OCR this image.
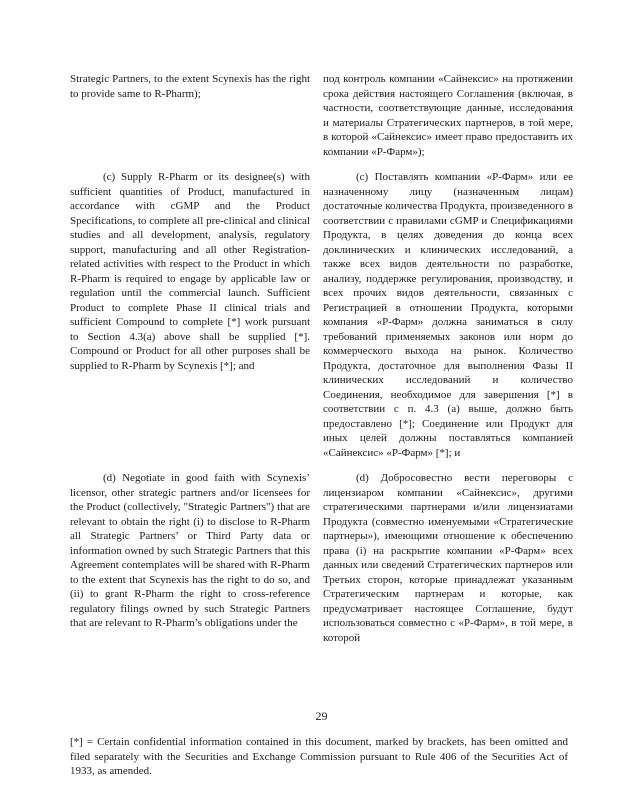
Strategic Partners, to the extent Scynexis has the right to provide same to R-Pharm);
под контроль компании «Сайнексис» на протяжении срока действия настоящего Соглашения (включая, в частности, соответствующие данные, исследования и материалы Стратегических партнеров, в той мере, в которой «Сайнексис» имеет право предоставить их компании «Р-Фарм»);
(c) Supply R-Pharm or its designee(s) with sufficient quantities of Product, manufactured in accordance with cGMP and the Product Specifications, to complete all pre-clinical and clinical studies and all development, analysis, regulatory support, manufacturing and all other Registration-related activities with respect to the Product in which R-Pharm is required to engage by applicable law or regulation until the commercial launch. Sufficient Product to complete Phase II clinical trials and sufficient Compound to complete [*] work pursuant to Section 4.3(a) above shall be supplied [*]. Compound or Product for all other purposes shall be supplied to R-Pharm by Scynexis [*]; and
(с) Поставлять компании «Р-Фарм» или ее назначенному лицу (назначенным лицам) достаточные количества Продукта, произведенного в соответствии с правилами cGMP и Спецификациями Продукта, в целях доведения до конца всех доклинических и клинических исследований, а также всех видов деятельности по разработке, анализу, поддержке регулирования, производству, и всех прочих видов деятельности, связанных с Регистрацией в отношении Продукта, которыми компания «Р-Фарм» должна заниматься в силу требований применяемых законов или норм до коммерческого выхода на рынок. Количество Продукта, достаточное для выполнения Фазы II клинических исследований и количество Соединения, необходимое для завершения [*] в соответствии с п. 4.3 (а) выше, должно быть предоставлено [*]; Соединение или Продукт для иных целей должны поставляться компанией «Сайнексис» «Р-Фарм» [*]; и
(d) Negotiate in good faith with Scynexis’ licensor, other strategic partners and/or licensees for the Product (collectively, "Strategic Partners") that are relevant to obtain the right (i) to disclose to R-Pharm all Strategic Partners’ or Third Party data or information owned by such Strategic Partners that this Agreement contemplates will be shared with R-Pharm to the extent that Scynexis has the right to do so, and (ii) to grant R-Pharm the right to cross-reference regulatory filings owned by such Strategic Partners that are relevant to R-Pharm’s obligations under the
(d) Добросовестно вести переговоры с лицензиаром компании «Сайнексис», другими стратегическими партнерами и/или лицензиатами Продукта (совместно именуемыми «Стратегические партнеры»), имеющими отношение к обеспечению права (i) на раскрытие компании «Р-Фарм» всех данных или сведений Стратегических партнеров или Третьих сторон, которые принадлежат указанным Стратегическим партнерам и которые, как предусматривает настоящее Соглашение, будут использоваться совместно с «Р-Фарм», в той мере, в которой
29
[*] = Certain confidential information contained in this document, marked by brackets, has been omitted and filed separately with the Securities and Exchange Commission pursuant to Rule 406 of the Securities Act of 1933, as amended.
